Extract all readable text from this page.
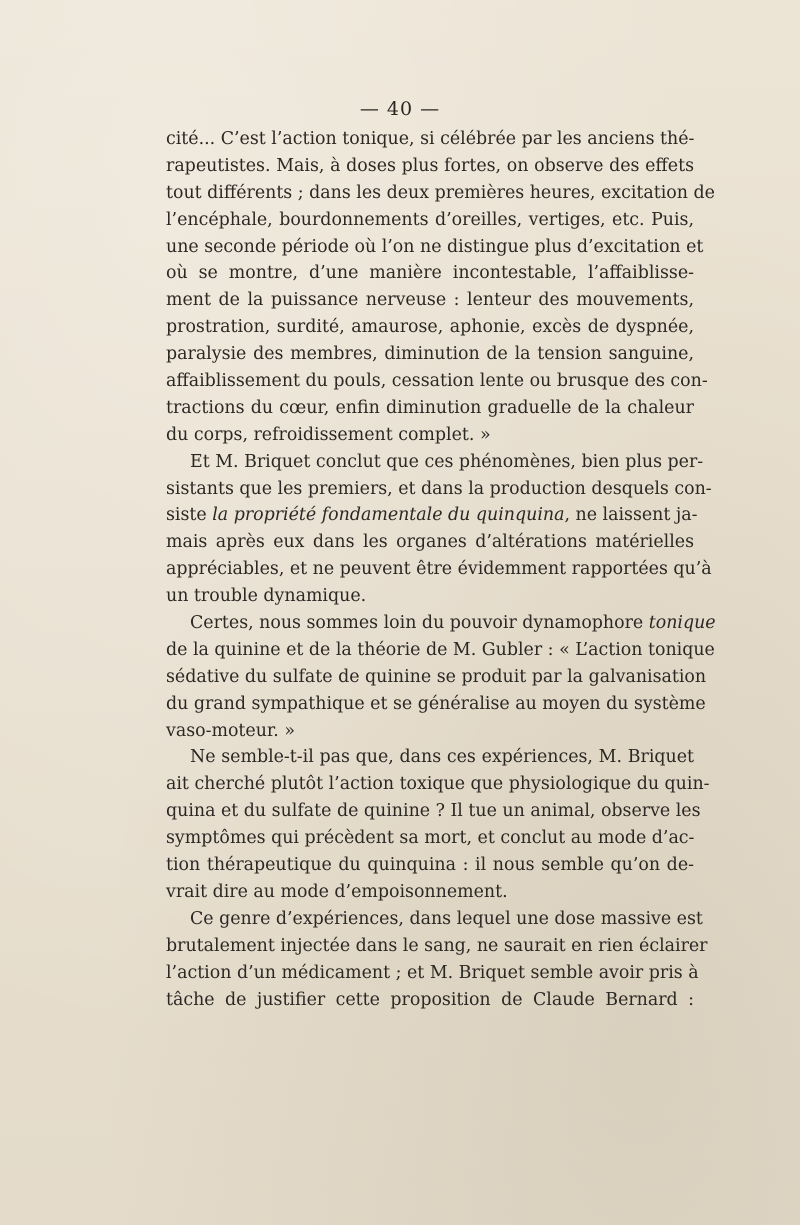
— 40 —
cité... C’est l’action tonique, si célébrée par les anciens thé-
rapeutistes. Mais, à doses plus fortes, on observe des effets
tout différents ; dans les deux premières heures, excitation de
l’encéphale, bourdonnements d’oreilles, vertiges, etc. Puis,
une seconde période où l’on ne distingue plus d’excitation et
où se montre, d’une manière incontestable, l’affaiblisse-
ment de la puissance nerveuse : lenteur des mouvements,
prostration, surdité, amaurose, aphonie, excès de dyspnée,
paralysie des membres, diminution de la tension sanguine,
affaiblissement du pouls, cessation lente ou brusque des con-
tractions du cœur, enfin diminution graduelle de la chaleur
du corps, refroidissement complet. »
Et M. Briquet conclut que ces phénomènes, bien plus per-
sistants que les premiers, et dans la production desquels con-
siste la propriété fondamentale du quinquina, ne laissent ja-
mais après eux dans les organes d’altérations matérielles
appréciables, et ne peuvent être évidemment rapportées qu’à
un trouble dynamique.
Certes, nous sommes loin du pouvoir dynamophore tonique
de la quinine et de la théorie de M. Gubler : « L’action tonique
sédative du sulfate de quinine se produit par la galvanisation
du grand sympathique et se généralise au moyen du système
vaso-moteur. »
Ne semble-t-il pas que, dans ces expériences, M. Briquet
ait cherché plutôt l’action toxique que physiologique du quin-
quina et du sulfate de quinine ? Il tue un animal, observe les
symptômes qui précèdent sa mort, et conclut au mode d’ac-
tion thérapeutique du quinquina : il nous semble qu’on de-
vrait dire au mode d’empoisonnement.
Ce genre d’expériences, dans lequel une dose massive est
brutalement injectée dans le sang, ne saurait en rien éclairer
l’action d’un médicament ; et M. Briquet semble avoir pris à
tâche de justifier cette proposition de Claude Bernard :
